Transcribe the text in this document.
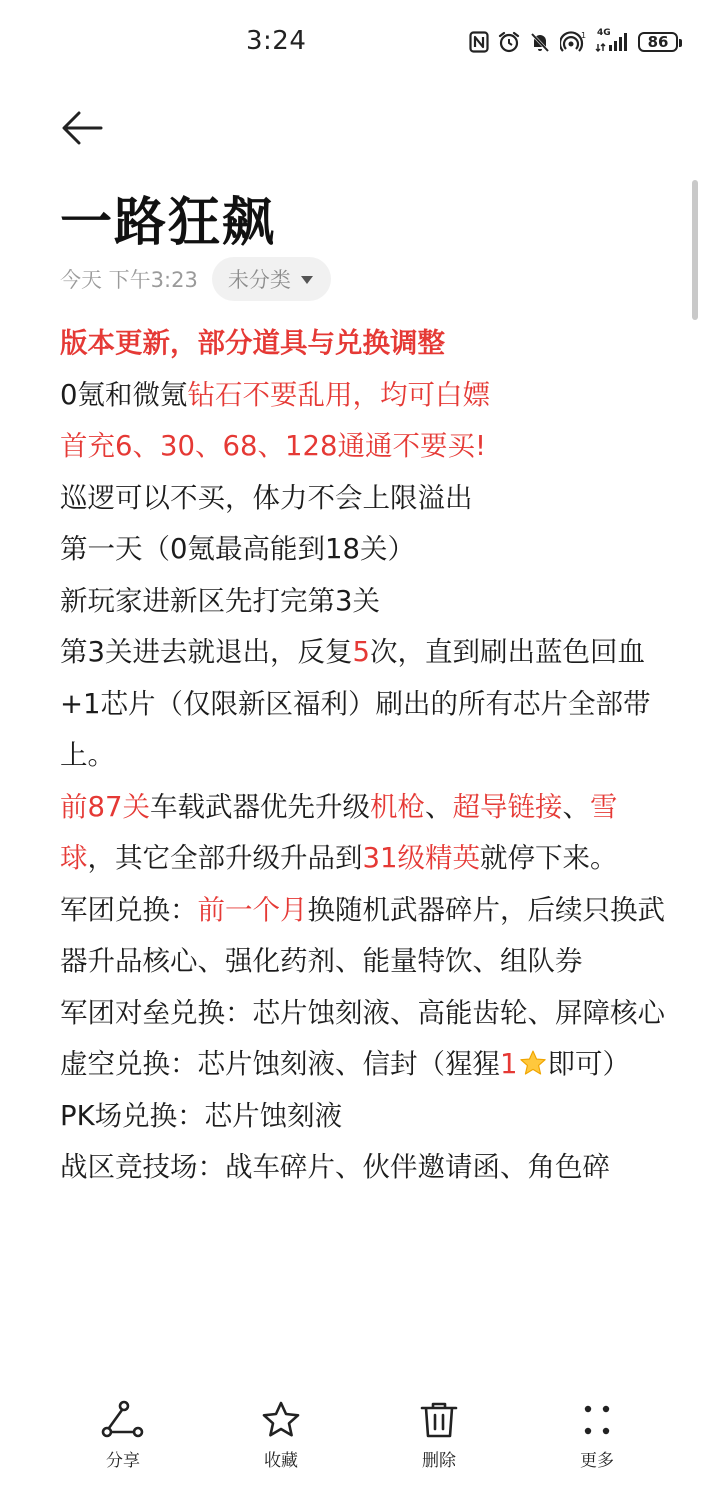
3:24	1 4G	86
一路狂飙
今天 下午3:23 未分类

版本更新，部分道具与兑换调整

0氪和微氪钻石不要乱用，均可白嫖

首充6、30、68、128通通不要买!

巡逻可以不买，体力不会上限溢出

第一天（0氪最高能到18关）

新玩家进新区先打完第3关

第3关进去就退出，反复5次，直到刷出蓝色回血+1芯片（仅限新区福利）刷出的所有芯片全部带上。

前87关车载武器优先升级机枪、超导链接、雪球，其它全部升级升品到31级精英就停下来。

军团兑换：前一个月换随机武器碎片，后续只换武器升品核心、强化药剂、能量特饮、组队券

军团对垒兑换：芯片蚀刻液、高能齿轮、屏障核心

虚空兑换：芯片蚀刻液、信封（猩猩1 即可）

PK场兑换：芯片蚀刻液

战区竞技场：战车碎片、伙伴邀请函、角色碎

分享	收藏	删除	更多
